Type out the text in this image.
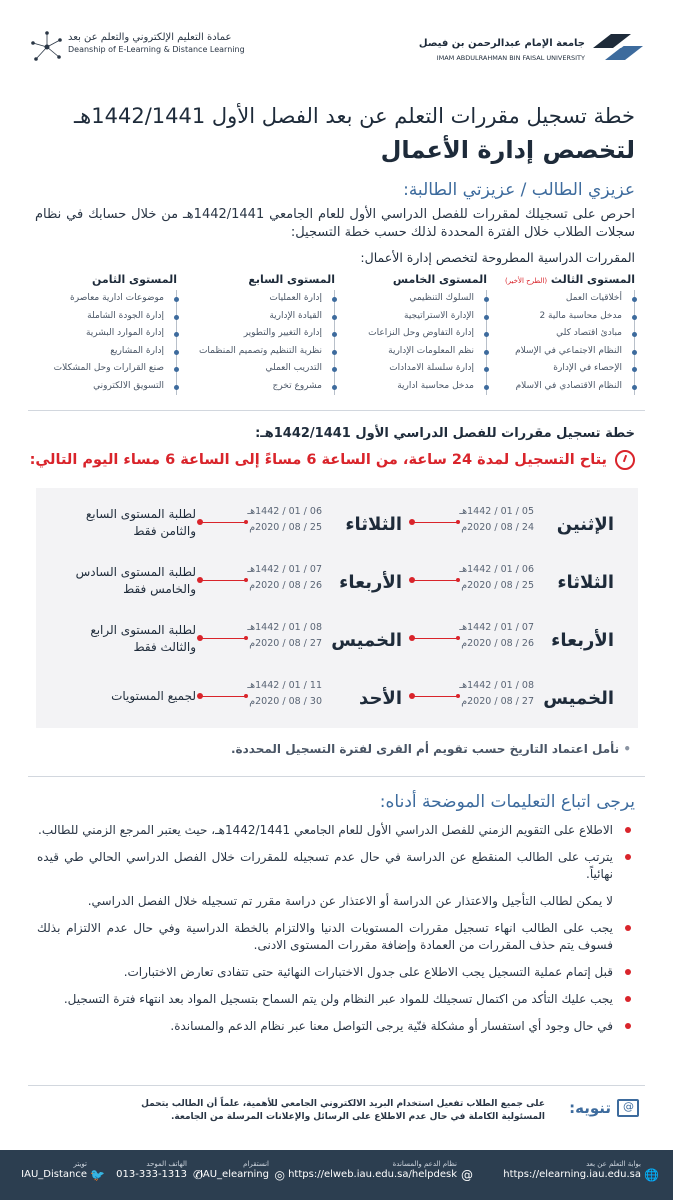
عمادة التعليم الإلكتروني والتعلم عن بعد
Deanship of E-Learning & Distance Learning
جامعة الإمام عبدالرحمن بن فيصل
IMAM ABDULRAHMAN BIN FAISAL UNIVERSITY
خطة تسجيل مقررات التعلم عن بعد الفصل الأول 1442/1441هـ
لتخصص إدارة الأعمال
عزيزي الطالب / عزيزتي الطالبة:
احرص على تسجيلك لمقررات للفصل الدراسي الأول للعام الجامعي 1442/1441هـ من خلال حسابك في نظام سجلات الطلاب خلال الفترة المحددة لذلك حسب خطة التسجيل:
المقررات الدراسية المطروحة لتخصص إدارة الأعمال:
المستوى الثالث (الطرح الأخير)
أخلاقيات العمل
مدخل محاسبة مالية 2
مبادئ اقتصاد كلي
النظام الاجتماعي في الإسلام
الإحصاء في الإدارة
النظام الاقتصادي في الاسلام
المستوى الخامس
السلوك التنظيمي
الإدارة الاستراتيجية
إدارة التفاوض وحل النزاعات
نظم المعلومات الإدارية
إدارة سلسلة الامدادات
مدخل محاسبة ادارية
المستوى السابع
إدارة العمليات
القيادة الإدارية
إدارة التغيير والتطوير
نظرية التنظيم وتصميم المنظمات
التدريب العملي
مشروع تخرج
المستوى الثامن
موضوعات ادارية معاصرة
إدارة الجودة الشاملة
إدارة الموارد البشرية
إدارة المشاريع
صنع القرارات وحل المشكلات
التسويق الالكتروني
خطة تسجيل مقررات للفصل الدراسي الأول 1442/1441هـ:
يتاح التسجيل لمدة 24 ساعة، من الساعة 6 مساءً إلى الساعة 6 مساء اليوم التالي:
الإثنين
05 / 01 / 1442هـ
24 / 08 / 2020م
الثلاثاء
06 / 01 / 1442هـ
25 / 08 / 2020م
لطلبة المستوى السابع والثامن فقط
الثلاثاء
06 / 01 / 1442هـ
25 / 08 / 2020م
الأربعاء
07 / 01 / 1442هـ
26 / 08 / 2020م
لطلبة المستوى السادس والخامس فقط
الأربعاء
07 / 01 / 1442هـ
26 / 08 / 2020م
الخميس
08 / 01 / 1442هـ
27 / 08 / 2020م
لطلبة المستوى الرابع والثالث فقط
الخميس
08 / 01 / 1442هـ
27 / 08 / 2020م
الأحد
11 / 01 / 1442هـ
30 / 08 / 2020م
لجميع المستويات
• نأمل اعتماد التاريخ حسب تقويم أم القرى لفترة التسجيل المحددة.
يرجى اتباع التعليمات الموضحة أدناه:
الاطلاع على التقويم الزمني للفصل الدراسي الأول للعام الجامعي 1442/1441هـ، حيث يعتبر المرجع الزمني للطالب.
يترتب على الطالب المنقطع عن الدراسة في حال عدم تسجيله للمقررات خلال الفصل الدراسي الحالي طي قيده نهائياً.
لا يمكن لطالب التأجيل والاعتذار عن الدراسة أو الاعتذار عن دراسة مقرر تم تسجيله خلال الفصل الدراسي.
يجب على الطالب انهاء تسجيل مقررات المستويات الدنيا والالتزام بالخطة الدراسية وفي حال عدم الالتزام بذلك فسوف يتم حذف المقررات من العمادة وإضافة مقررات المستوى الادنى.
قبل إتمام عملية التسجيل يجب الاطلاع على جدول الاختبارات النهائية حتى تتفادى تعارض الاختبارات.
يجب عليك التأكد من اكتمال تسجيلك للمواد عبر النظام ولن يتم السماح بتسجيل المواد بعد انتهاء فترة التسجيل.
في حال وجود أي استفسار أو مشكلة فنّية يرجى التواصل معنا عبر نظام الدعم والمساندة.
@
تنويه:
على جميع الطلاب تفعيل استخدام البريد الالكتروني الجامعي للأهمية، علماً أن الطالب يتحمل المسئولية الكاملة في حال عدم الاطلاع على الرسائل والإعلانات المرسلة من الجامعة.
🌐
بوابة التعلم عن بعد
https://elearning.iau.edu.sa
@
نظام الدعم والمساندة
https://elweb.iau.edu.sa/helpdesk
◎
انستقرام
IAU_elearning
✆
الهاتف الموحد
013-333-1313
🐦
تويتر
IAU_Distance
